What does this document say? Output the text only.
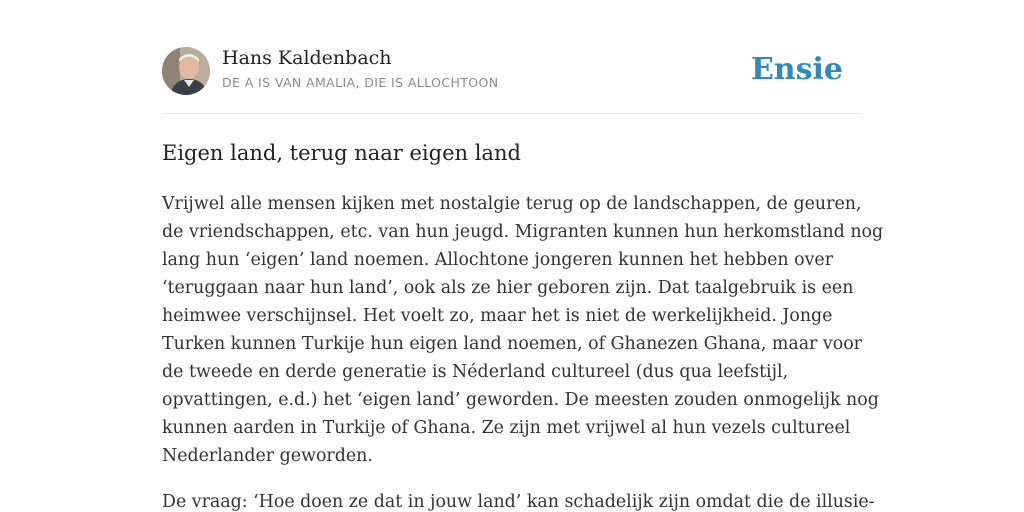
Hans Kaldenbach
DE A IS VAN AMALIA, DIE IS ALLOCHTOON	Ensie
Eigen land, terug naar eigen land

Vrijwel alle mensen kijken met nostalgie terug op de landschappen, de geuren,
de vriendschappen, etc. van hun jeugd. Migranten kunnen hun herkomstland nog
lang hun ‘eigen’ land noemen. Allochtone jongeren kunnen het hebben over
‘teruggaan naar hun land’, ook als ze hier geboren zijn. Dat taalgebruik is een
heimwee verschijnsel. Het voelt zo, maar het is niet de werkelijkheid. Jonge
Turken kunnen Turkije hun eigen land noemen, of Ghanezen Ghana, maar voor
de tweede en derde generatie is Néderland cultureel (dus qua leefstijl,
opvattingen, e.d.) het ‘eigen land’ geworden. De meesten zouden onmogelijk nog
kunnen aarden in Turkije of Ghana. Ze zijn met vrijwel al hun vezels cultureel
Nederlander geworden.

De vraag: ‘Hoe doen ze dat in jouw land’ kan schadelijk zijn omdat die de illusie-
